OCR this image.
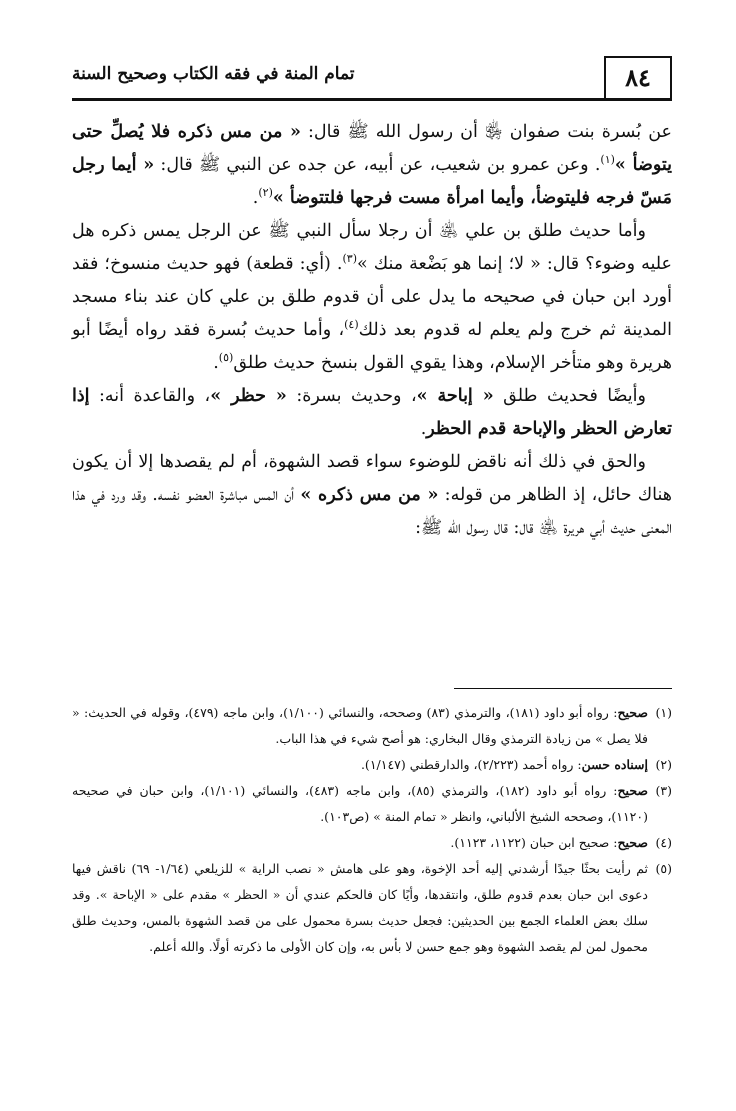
٨٤
تمام المنة في فقه الكتاب وصحيح السنة

عن بُسرة بنت صفوان ﵂ أن رسول الله ﷺ قال: « من مس ذكره فلا يُصلِّ حتى يتوضأ »$^{(١)}$. وعن عمرو بن شعيب، عن أبيه، عن جده عن النبي ﷺ قال: « أيما رجل مَسّ فرجه فليتوضأ، وأيما امرأة مست فرجها فلتتوضأ »$^{(٢)}$.

وأما حديث طلق بن علي ﵁ أن رجلا سأل النبي ﷺ عن الرجل يمس ذكره هل عليه وضوء؟ قال: « لا؛ إنما هو بَضْعة منك »$^{(٣)}$. (أي: قطعة) فهو حديث منسوخ؛ فقد أورد ابن حبان في صحيحه ما يدل على أن قدوم طلق بن علي كان عند بناء مسجد المدينة ثم خرج ولم يعلم له قدوم بعد ذلك$^{(٤)}$، وأما حديث بُسرة فقد رواه أيضًا أبو هريرة وهو متأخر الإسلام، وهذا يقوي القول بنسخ حديث طلق$^{(٥)}$.

وأيضًا فحديث طلق « إباحة »، وحديث بسرة: « حظر »، والقاعدة أنه: إذا تعارض الحظر والإباحة قدم الحظر.

والحق في ذلك أنه ناقض للوضوء سواء قصد الشهوة، أم لم يقصدها إلا أن يكون هناك حائل، إذ الظاهر من قوله: « من مس ذكره » أن المس مباشرة العضو نفسه. وقد ورد في هذا المعنى حديث أبي هريرة ﵁ قال: قال رسول الله ﷺ:

(١)
صحيح: رواه أبو داود (١٨١)، والترمذي (٨٣) وصححه، والنسائي (١/١٠٠)، وابن ماجه (٤٧٩)، وقوله في الحديث: « فلا يصل » من زيادة الترمذي وقال البخاري: هو أصح شيء في هذا الباب.
(٢)
إسناده حسن: رواه أحمد (٢/٢٢٣)، والدارقطني (١/١٤٧).
(٣)
صحيح: رواه أبو داود (١٨٢)، والترمذي (٨٥)، وابن ماجه (٤٨٣)، والنسائي (١/١٠١)، وابن حبان في صحيحه (١١٢٠)، وصححه الشيخ الألباني، وانظر « تمام المنة » (ص١٠٣).
(٤)
صحيح: صحيح ابن حبان (١١٢٢، ١١٢٣).
(٥)
ثم رأيت بحثًا جيدًا أرشدني إليه أحد الإخوة، وهو على هامش « نصب الراية » للزيلعي (١/٦٤- ٦٩) ناقش فيها دعوى ابن حبان بعدم قدوم طلق، وانتقدها، وأيًا كان فالحكم عندي أن « الحظر » مقدم على « الإباحة ». وقد سلك بعض العلماء الجمع بين الحديثين: فجعل حديث بسرة محمول على من قصد الشهوة بالمس، وحديث طلق محمول لمن لم يقصد الشهوة وهو جمع حسن لا بأس به، وإن كان الأولى ما ذكرته أولًا. والله أعلم.
